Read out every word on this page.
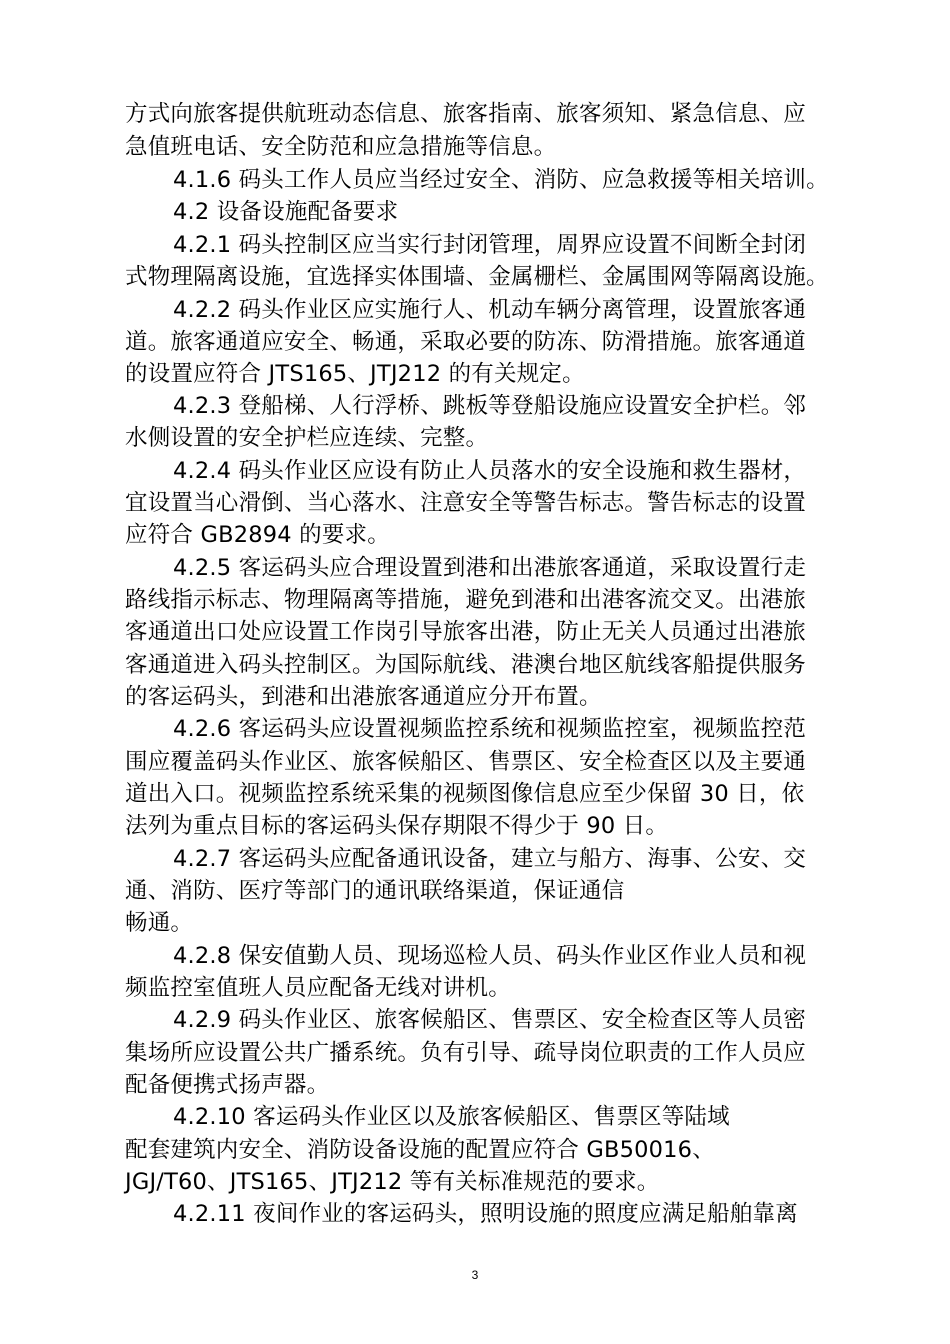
方式向旅客提供航班动态信息、旅客指南、旅客须知、紧急信息、应
急值班电话、安全防范和应急措施等信息。
4.1.6 码头工作人员应当经过安全、消防、应急救援等相关培训。
4.2 设备设施配备要求
4.2.1 码头控制区应当实行封闭管理，周界应设置不间断全封闭
式物理隔离设施，宜选择实体围墙、金属栅栏、金属围网等隔离设施。
4.2.2 码头作业区应实施行人、机动车辆分离管理，设置旅客通
道。旅客通道应安全、畅通，采取必要的防冻、防滑措施。旅客通道
的设置应符合 JTS165、JTJ212 的有关规定。
4.2.3 登船梯、人行浮桥、跳板等登船设施应设置安全护栏。邻
水侧设置的安全护栏应连续、完整。
4.2.4 码头作业区应设有防止人员落水的安全设施和救生器材，
宜设置当心滑倒、当心落水、注意安全等警告标志。警告标志的设置
应符合 GB2894 的要求。
4.2.5 客运码头应合理设置到港和出港旅客通道，采取设置行走
路线指示标志、物理隔离等措施，避免到港和出港客流交叉。出港旅
客通道出口处应设置工作岗引导旅客出港，防止无关人员通过出港旅
客通道进入码头控制区。为国际航线、港澳台地区航线客船提供服务
的客运码头，到港和出港旅客通道应分开布置。
4.2.6 客运码头应设置视频监控系统和视频监控室，视频监控范
围应覆盖码头作业区、旅客候船区、售票区、安全检查区以及主要通
道出入口。视频监控系统采集的视频图像信息应至少保留 30 日，依
法列为重点目标的客运码头保存期限不得少于 90 日。
4.2.7 客运码头应配备通讯设备，建立与船方、海事、公安、交
通、消防、医疗等部门的通讯联络渠道，保证通信
畅通。
4.2.8 保安值勤人员、现场巡检人员、码头作业区作业人员和视
频监控室值班人员应配备无线对讲机。
4.2.9 码头作业区、旅客候船区、售票区、安全检查区等人员密
集场所应设置公共广播系统。负有引导、疏导岗位职责的工作人员应
配备便携式扬声器。
4.2.10 客运码头作业区以及旅客候船区、售票区等陆域
配套建筑内安全、消防设备设施的配置应符合 GB50016、
JGJ/T60、JTS165、JTJ212 等有关标准规范的要求。
4.2.11 夜间作业的客运码头，照明设施的照度应满足船舶靠离
3
